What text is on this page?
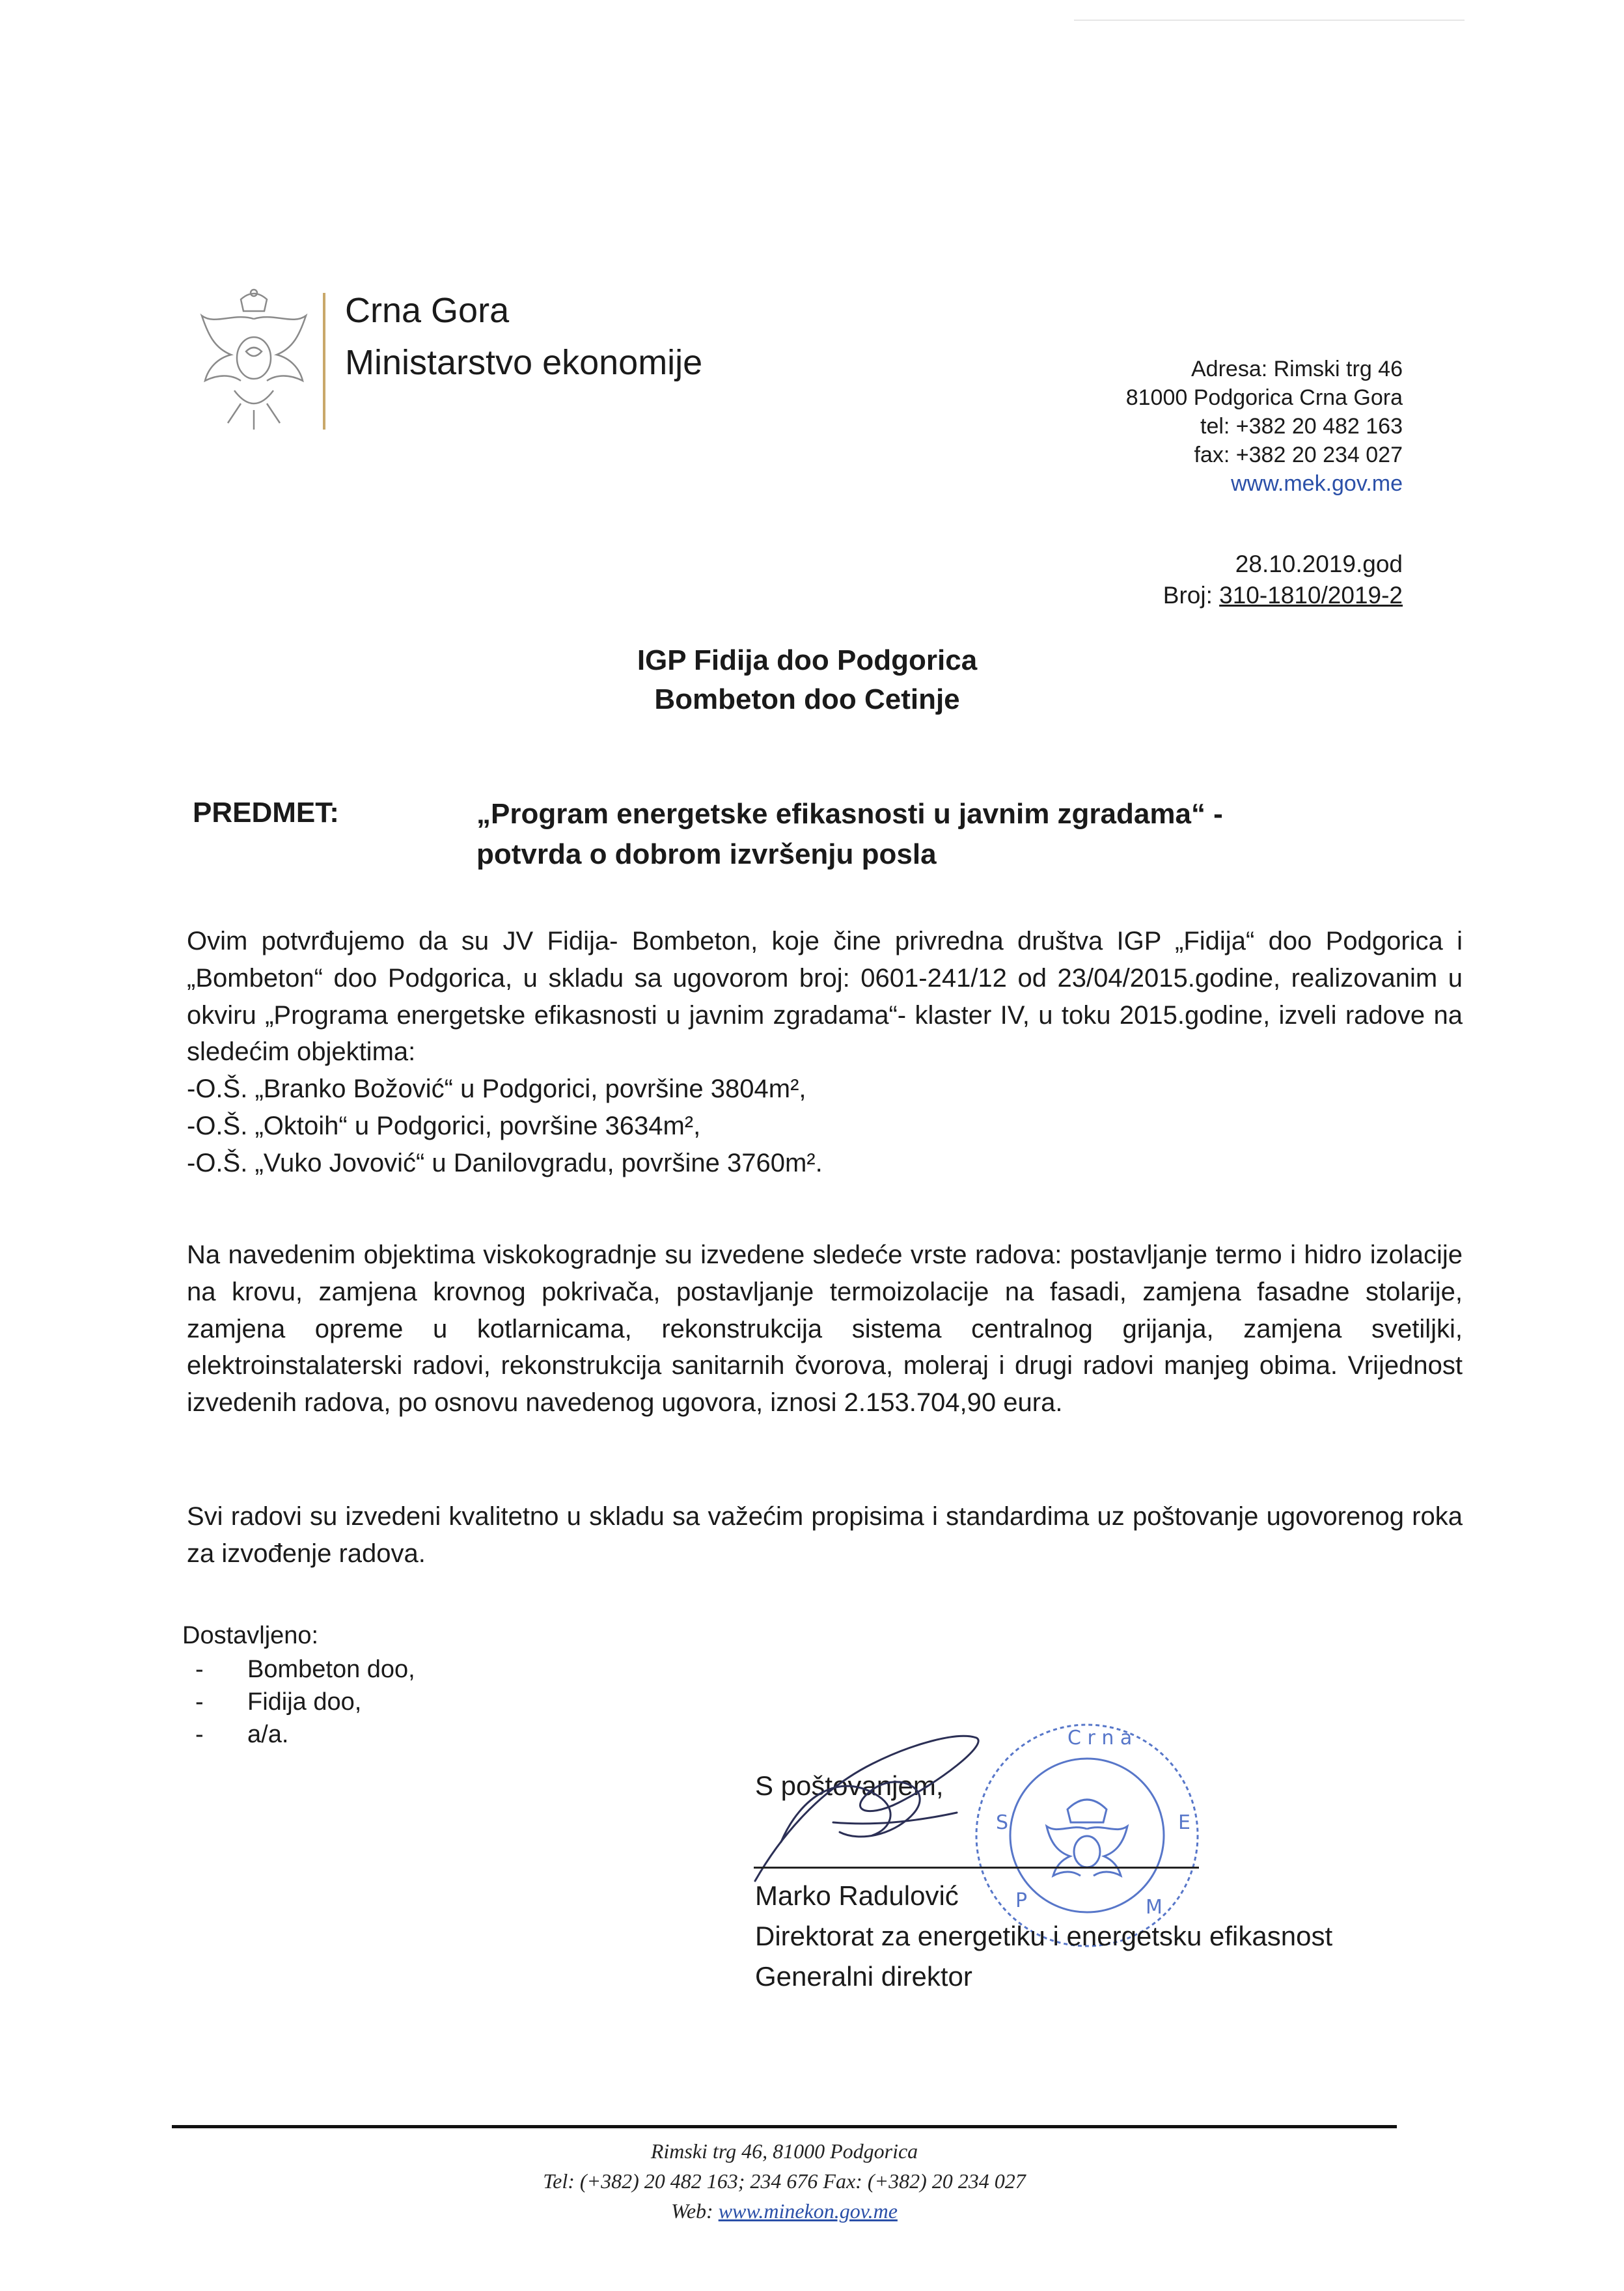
Crna Gora
Ministarstvo ekonomije	Adresa: Rimski trg 46
81000 Podgorica Crna Gora
tel: +382 20 482 163
fax: +382 20 234 027
www.mek.gov.me
28.10.2019.god
Broj: 310-1810/2019-2
IGP Fidija doo Podgorica
Bombeton doo Cetinje
PREDMET:	„Program energetske efikasnosti u javnim zgradama“ -
potvrda o dobrom izvršenju posla
Ovim potvrđujemo da su JV Fidija- Bombeton, koje čine privredna društva IGP „Fidija“ doo Podgorica i „Bombeton“ doo Podgorica, u skladu sa ugovorom broj: 0601-241/12 od 23/04/2015.godine, realizovanim u okviru „Programa energetske efikasnosti u javnim zgradama“- klaster IV, u toku 2015.godine, izveli radove na sledećim objektima:
-O.Š. „Branko Božović“ u Podgorici, površine 3804m²,
-O.Š. „Oktoih“ u Podgorici, površine 3634m²,
-O.Š. „Vuko Jovović“ u Danilovgradu, površine 3760m².
Na navedenim objektima viskokogradnje su izvedene sledeće vrste radova: postavljanje termo i hidro izolacije na krovu, zamjena krovnog pokrivača, postavljanje termoizolacije na fasadi, zamjena fasadne stolarije, zamjena opreme u kotlarnicama, rekonstrukcija sistema centralnog grijanja, zamjena svetiljki, elektroinstalaterski radovi, rekonstrukcija sanitarnih čvorova, moleraj i drugi radovi manjeg obima. Vrijednost izvedenih radova, po osnovu navedenog ugovora, iznosi 2.153.704,90 eura.
Svi radovi su izvedeni kvalitetno u skladu sa važećim propisima i standardima uz poštovanje ugovorenog roka za izvođenje radova.
Dostavljeno:
- Bombeton doo,
- Fidija doo,
- a/a.
S poštovanjem,
C r n a
S	E
P	M
Marko Radulović
Direktorat za energetiku i energetsku efikasnost
Generalni direktor
Rimski trg 46, 81000 Podgorica
Tel: (+382) 20 482 163; 234 676 Fax: (+382) 20 234 027
Web: www.minekon.gov.me
